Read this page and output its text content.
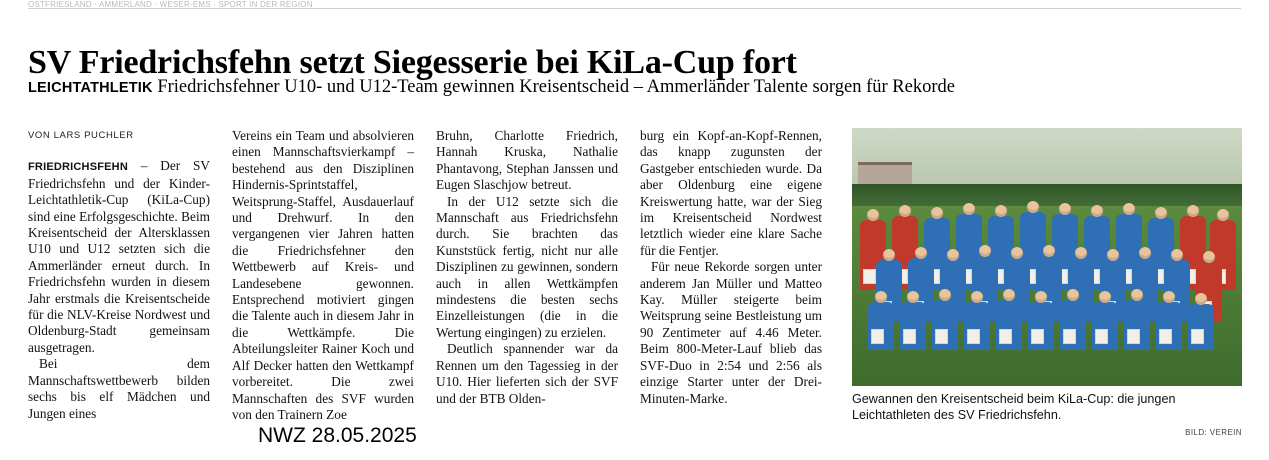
OSTFRIESLAND · AMMERLAND · WESER-EMS · SPORT IN DER REGION
SV Friedrichsfehn setzt Siegesserie bei KiLa-Cup fort
LEICHTATHLETIK Friedrichsfehner U10- und U12-Team gewinnen Kreisentscheid – Ammerländer Talente sorgen für Rekorde
VON LARS PUCHLER

FRIEDRICHSFEHN – Der SV Friedrichsfehn und der Kinder-Leichtathletik-Cup (KiLa-Cup) sind eine Erfolgsgeschichte. Beim Kreisentscheid der Altersklassen U10 und U12 setzten sich die Ammerländer erneut durch. In Friedrichsfehn wurden in diesem Jahr erstmals die Kreisentscheide für die NLV-Kreise Nordwest und Oldenburg-Stadt gemeinsam ausgetragen.

Bei dem Mannschaftswettbewerb bilden sechs bis elf Mädchen und Jungen eines

Vereins ein Team und absolvieren einen Mannschaftsvierkampf – bestehend aus den Disziplinen Hindernis-Sprintstaffel, Weitsprung-Staffel, Ausdauerlauf und Drehwurf. In den vergangenen vier Jahren hatten die Friedrichsfehner den Wettbewerb auf Kreis- und Landesebene gewonnen. Entsprechend motiviert gingen die Talente auch in diesem Jahr in die Wettkämpfe. Die Abteilungsleiter Rainer Koch und Alf Decker hatten den Wettkampf vorbereitet. Die zwei Mannschaften des SVF wurden von den Trainern Zoe

Bruhn, Charlotte Friedrich, Hannah Kruska, Nathalie Phantavong, Stephan Janssen und Eugen Slaschjow betreut.

In der U12 setzte sich die Mannschaft aus Friedrichsfehn durch. Sie brachten das Kunststück fertig, nicht nur alle Disziplinen zu gewinnen, sondern auch in allen Wettkämpfen mindestens die besten sechs Einzelleistungen (die in die Wertung eingingen) zu erzielen.

Deutlich spannender war da Rennen um den Tagessieg in der U10. Hier lieferten sich der SVF und der BTB Olden-

burg ein Kopf-an-Kopf-Rennen, das knapp zugunsten der Gastgeber entschieden wurde. Da aber Oldenburg eine eigene Kreiswertung hatte, war der Sieg im Kreisentscheid Nordwest letztlich wieder eine klare Sache für die Fentjer.

Für neue Rekorde sorgen unter anderem Jan Müller und Matteo Kay. Müller steigerte beim Weitsprung seine Bestleistung um 90 Zentimeter auf 4.46 Meter. Beim 800-Meter-Lauf blieb das SVF-Duo in 2:54 und 2:56 als einzige Starter unter der Drei-Minuten-Marke.	Gewannen den Kreisentscheid beim KiLa-Cup: die jungen Leichtathleten des SV Friedrichsfehn.
BILD: VEREIN
NWZ 28.05.2025
